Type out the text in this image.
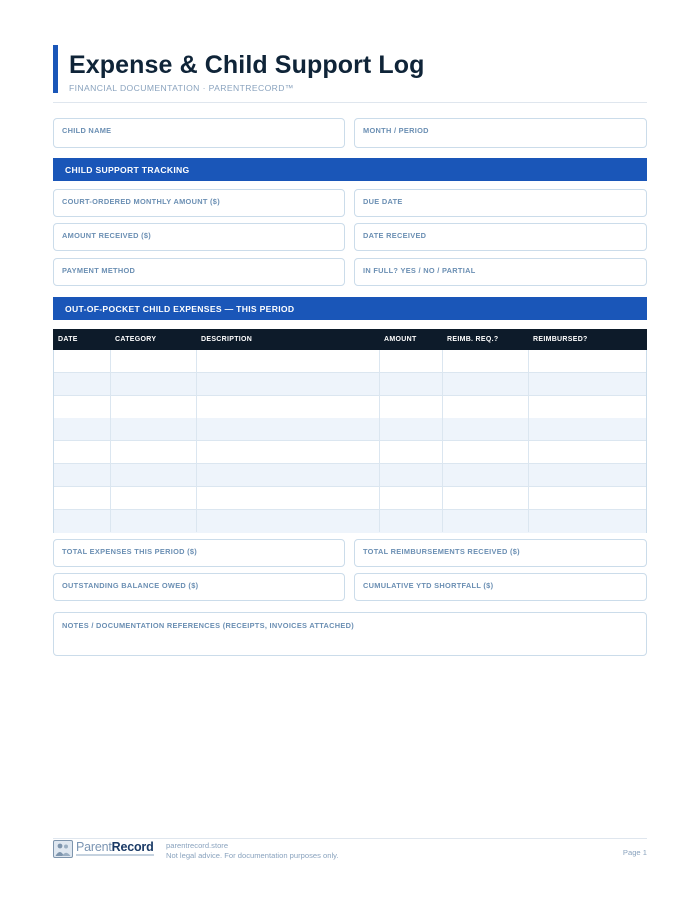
Expense & Child Support Log
FINANCIAL DOCUMENTATION · PARENTRECORD™
CHILD NAME	MONTH / PERIOD
CHILD SUPPORT TRACKING
COURT-ORDERED MONTHLY AMOUNT ($)	DUE DATE
AMOUNT RECEIVED ($)	DATE RECEIVED
PAYMENT METHOD	IN FULL? YES / NO / PARTIAL
OUT-OF-POCKET CHILD EXPENSES — THIS PERIOD
DATE	CATEGORY	DESCRIPTION	AMOUNT	REIMB. REQ.?	REIMBURSED?
TOTAL EXPENSES THIS PERIOD ($)	TOTAL REIMBURSEMENTS RECEIVED ($)
OUTSTANDING BALANCE OWED ($)	CUMULATIVE YTD SHORTFALL ($)
NOTES / DOCUMENTATION REFERENCES (RECEIPTS, INVOICES ATTACHED)
ParentRecord parentrecord.store
Not legal advice. For documentation purposes only.	Page 1
